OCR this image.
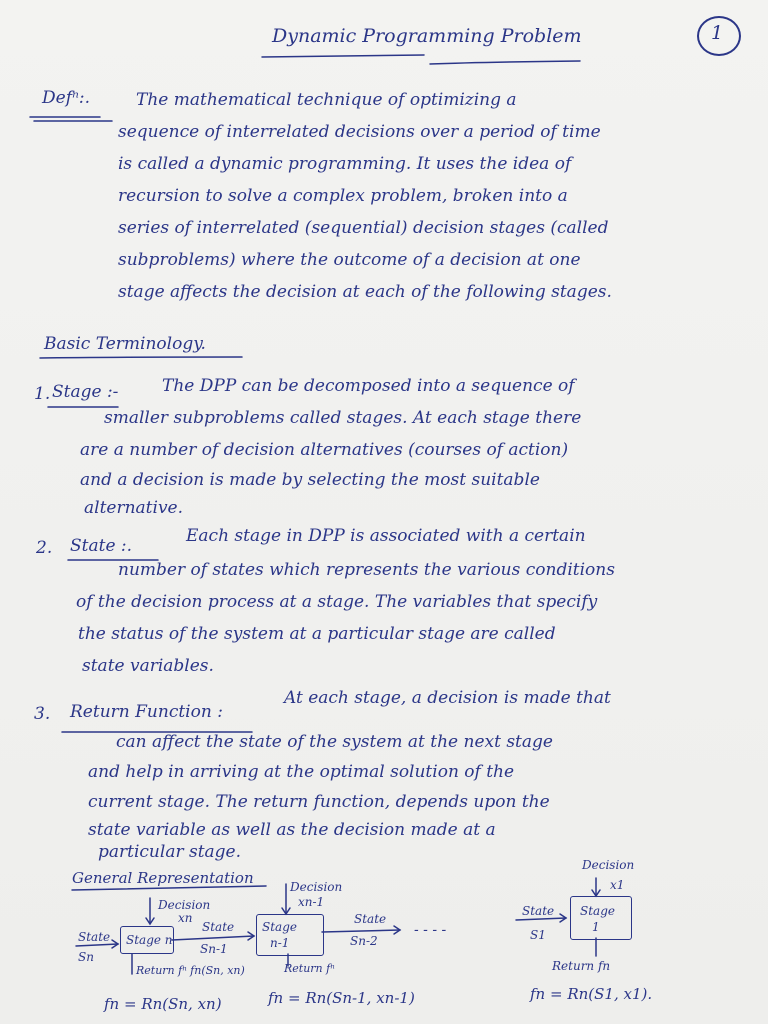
Dynamic Programming Problem	1
Defⁿ:.	The mathematical technique of optimizing a
sequence of interrelated decisions over a period of time
is called a dynamic programming. It uses the idea of
recursion to solve a complex problem, broken into a
series of interrelated (sequential) decision stages (called
subproblems) where the outcome of a decision at one
stage affects the decision at each of the following stages.
Basic Terminology.
1. Stage :-	The DPP can be decomposed into a sequence of
smaller subproblems called stages. At each stage there
are a number of decision alternatives (courses of action)
and a decision is made by selecting the most suitable
alternative.
2. State :.	Each stage in DPP is associated with a certain
number of states which represents the various conditions
of the decision process at a stage. The variables that specify
the status of the system at a particular stage are called
state variables.
3. Return Function :
At each stage, a decision is made that
can affect the state of the system at the next stage
and help in arriving at the optimal solution of the
current stage. The return function, depends upon the
state variable as well as the decision made at a
particular stage.
General Representation
Decision
xn
Decision
xn-1
Decision
x1
State
Sn
Stage n
State
Sn-1
Stage
n-1
State
Sn-2
- - - -
State
S1
Stage
1
Return fⁿ fn(Sn, xn)	Return fⁿ	Return fn
fn = Rn(Sn, xn)	fn = Rn(Sn-1, xn-1)	fn = Rn(S1, x1).
